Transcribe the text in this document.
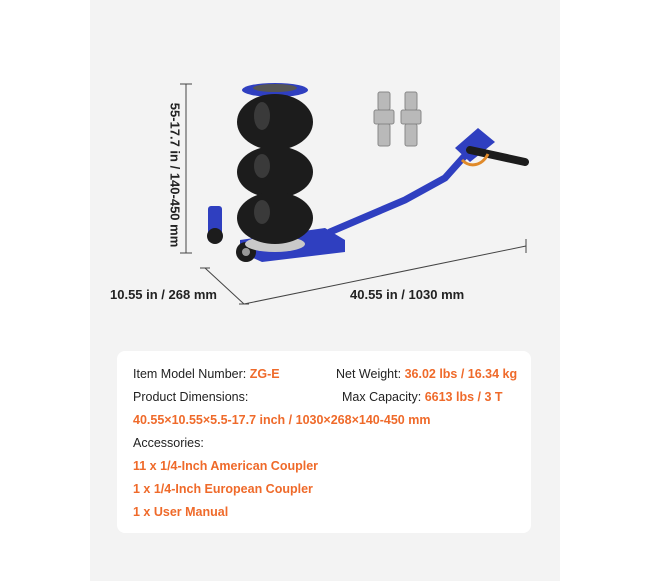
55-17.7 in / 140-450 mm
10.55 in / 268 mm	40.55 in / 1030 mm
Item Model Number: ZG-E	Net Weight: 36.02 lbs / 16.34 kg
Product Dimensions:	Max Capacity: 6613 lbs / 3 T
40.55×10.55×5.5-17.7 inch / 1030×268×140-450 mm
Accessories:
11 x 1/4-Inch American Coupler
1 x 1/4-Inch European Coupler
1 x User Manual
